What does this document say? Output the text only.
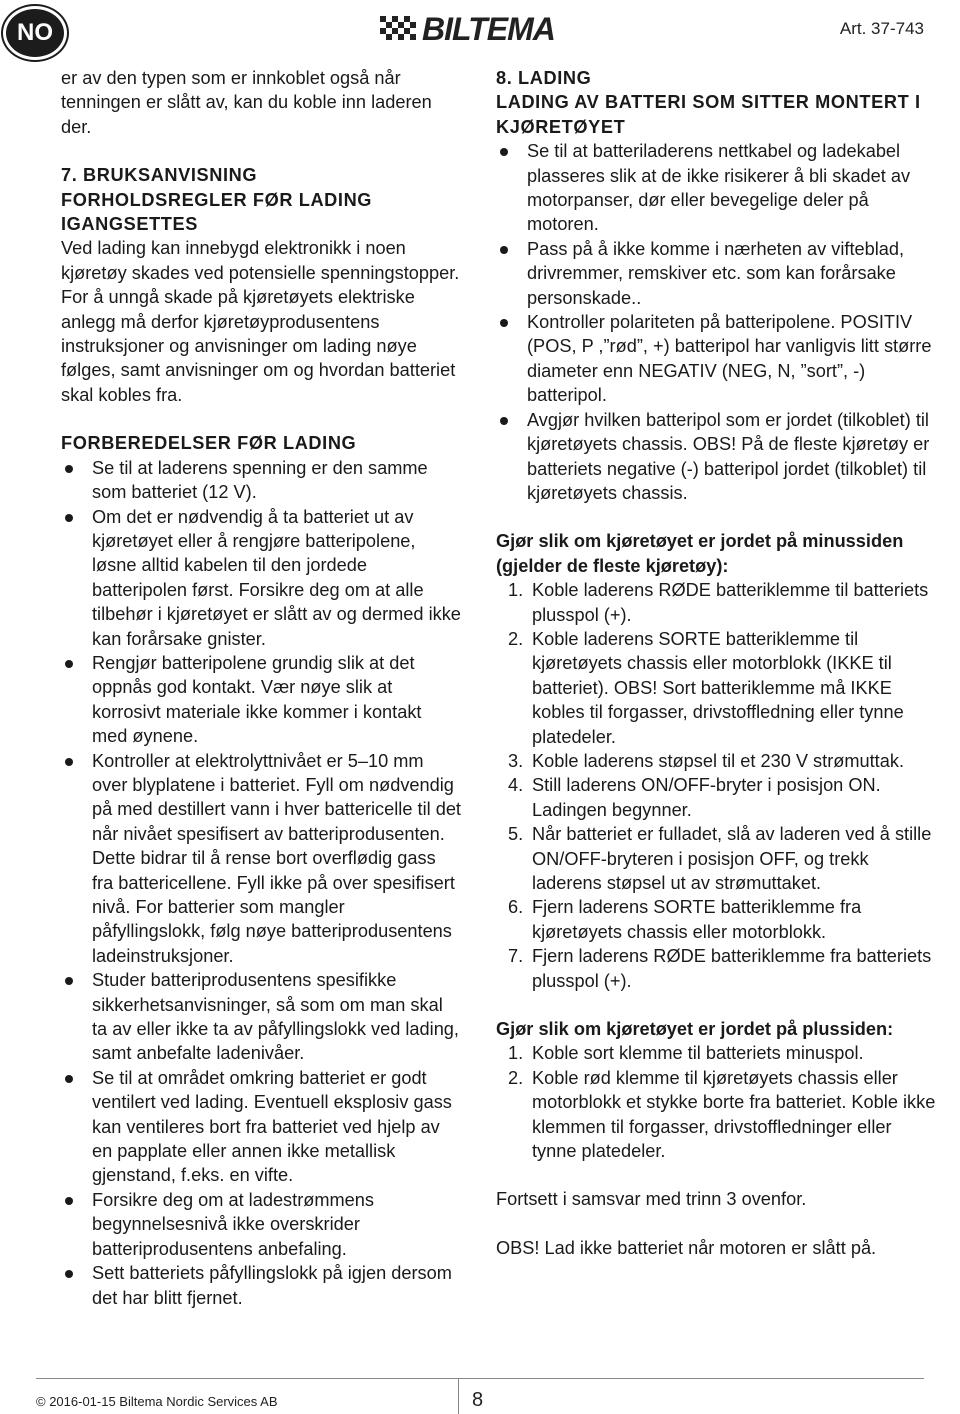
NO	BILTEMA	Art. 37-743

er av den typen som er innkoblet også når tenningen er slått av, kan du koble inn laderen der.

7. BRUKSANVISNING

FORHOLDSREGLER FØR LADING IGANGSETTES

Ved lading kan innebygd elektronikk i noen kjøretøy skades ved potensielle spenningstopper. For å unngå skade på kjøretøyets elektriske anlegg må derfor kjøretøyprodusentens instruksjoner og anvisninger om lading nøye følges, samt anvisninger om og hvordan batteriet skal kobles fra.

FORBEREDELSER FØR LADING

Se til at laderens spenning er den samme som batteriet (12 V).
Om det er nødvendig å ta batteriet ut av kjøretøyet eller å rengjøre batteripolene, løsne alltid kabelen til den jordede batteripolen først. Forsikre deg om at alle tilbehør i kjøretøyet er slått av og dermed ikke kan forårsake gnister.
Rengjør batteripolene grundig slik at det oppnås god kontakt. Vær nøye slik at korrosivt materiale ikke kommer i kontakt med øynene.
Kontroller at elektrolyttnivået er 5–10 mm over blyplatene i batteriet. Fyll om nødvendig på med destillert vann i hver battericelle til det når nivået spesifisert av batteriprodusenten. Dette bidrar til å rense bort overflødig gass fra battericellene. Fyll ikke på over spesifisert nivå. For batterier som mangler påfyllingslokk, følg nøye batteriprodusentens ladeinstruksjoner.
Studer batteriprodusentens spesifikke sikkerhetsanvisninger, så som om man skal ta av eller ikke ta av påfyllingslokk ved lading, samt anbefalte ladenivåer.
Se til at området omkring batteriet er godt ventilert ved lading. Eventuell eksplosiv gass kan ventileres bort fra batteriet ved hjelp av en papplate eller annen ikke metallisk gjenstand, f.eks. en vifte.
Forsikre deg om at ladestrømmens begynnelsesnivå ikke overskrider batteriprodusentens anbefaling.
Sett batteriets påfyllingslokk på igjen dersom det har blitt fjernet.

8. LADING

LADING AV BATTERI SOM SITTER MONTERT I KJØRETØYET

Se til at batteriladerens nettkabel og ladekabel plasseres slik at de ikke risikerer å bli skadet av motorpanser, dør eller bevegelige deler på motoren.
Pass på å ikke komme i nærheten av vifteblad, drivremmer, remskiver etc. som kan forårsake personskade..
Kontroller polariteten på batteripolene. POSITIV (POS, P ,”rød”, +) batteripol har vanligvis litt større diameter enn NEGATIV (NEG, N, ”sort”, -) batteripol.
Avgjør hvilken batteripol som er jordet (tilkoblet) til kjøretøyets chassis. OBS! På de fleste kjøretøy er batteriets negative (-) batteripol jordet (tilkoblet) til kjøretøyets chassis.

Gjør slik om kjøretøyet er jordet på minussiden (gjelder de fleste kjøretøy):

1. Koble laderens RØDE batteriklemme til batteriets plusspol (+).
2. Koble laderens SORTE batteriklemme til kjøretøyets chassis eller motorblokk (IKKE til batteriet). OBS! Sort batteriklemme må IKKE kobles til forgasser, drivstoffledning eller tynne platedeler.
3. Koble laderens støpsel til et 230 V strømuttak.
4. Still laderens ON/OFF-bryter i posisjon ON. Ladingen begynner.
5. Når batteriet er fulladet, slå av laderen ved å stille ON/OFF-bryteren i posisjon OFF, og trekk laderens støpsel ut av strømuttaket.
6. Fjern laderens SORTE batteriklemme fra kjøretøyets chassis eller motorblokk.
7. Fjern laderens RØDE batteriklemme fra batteriets plusspol (+).

Gjør slik om kjøretøyet er jordet på plussiden:

1. Koble sort klemme til batteriets minuspol.
2. Koble rød klemme til kjøretøyets chassis eller motorblokk et stykke borte fra batteriet. Koble ikke klemmen til forgasser, drivstoffledninger eller tynne platedeler.

Fortsett i samsvar med trinn 3 ovenfor.

OBS! Lad ikke batteriet når motoren er slått på.

© 2016-01-15 Biltema Nordic Services AB	8
